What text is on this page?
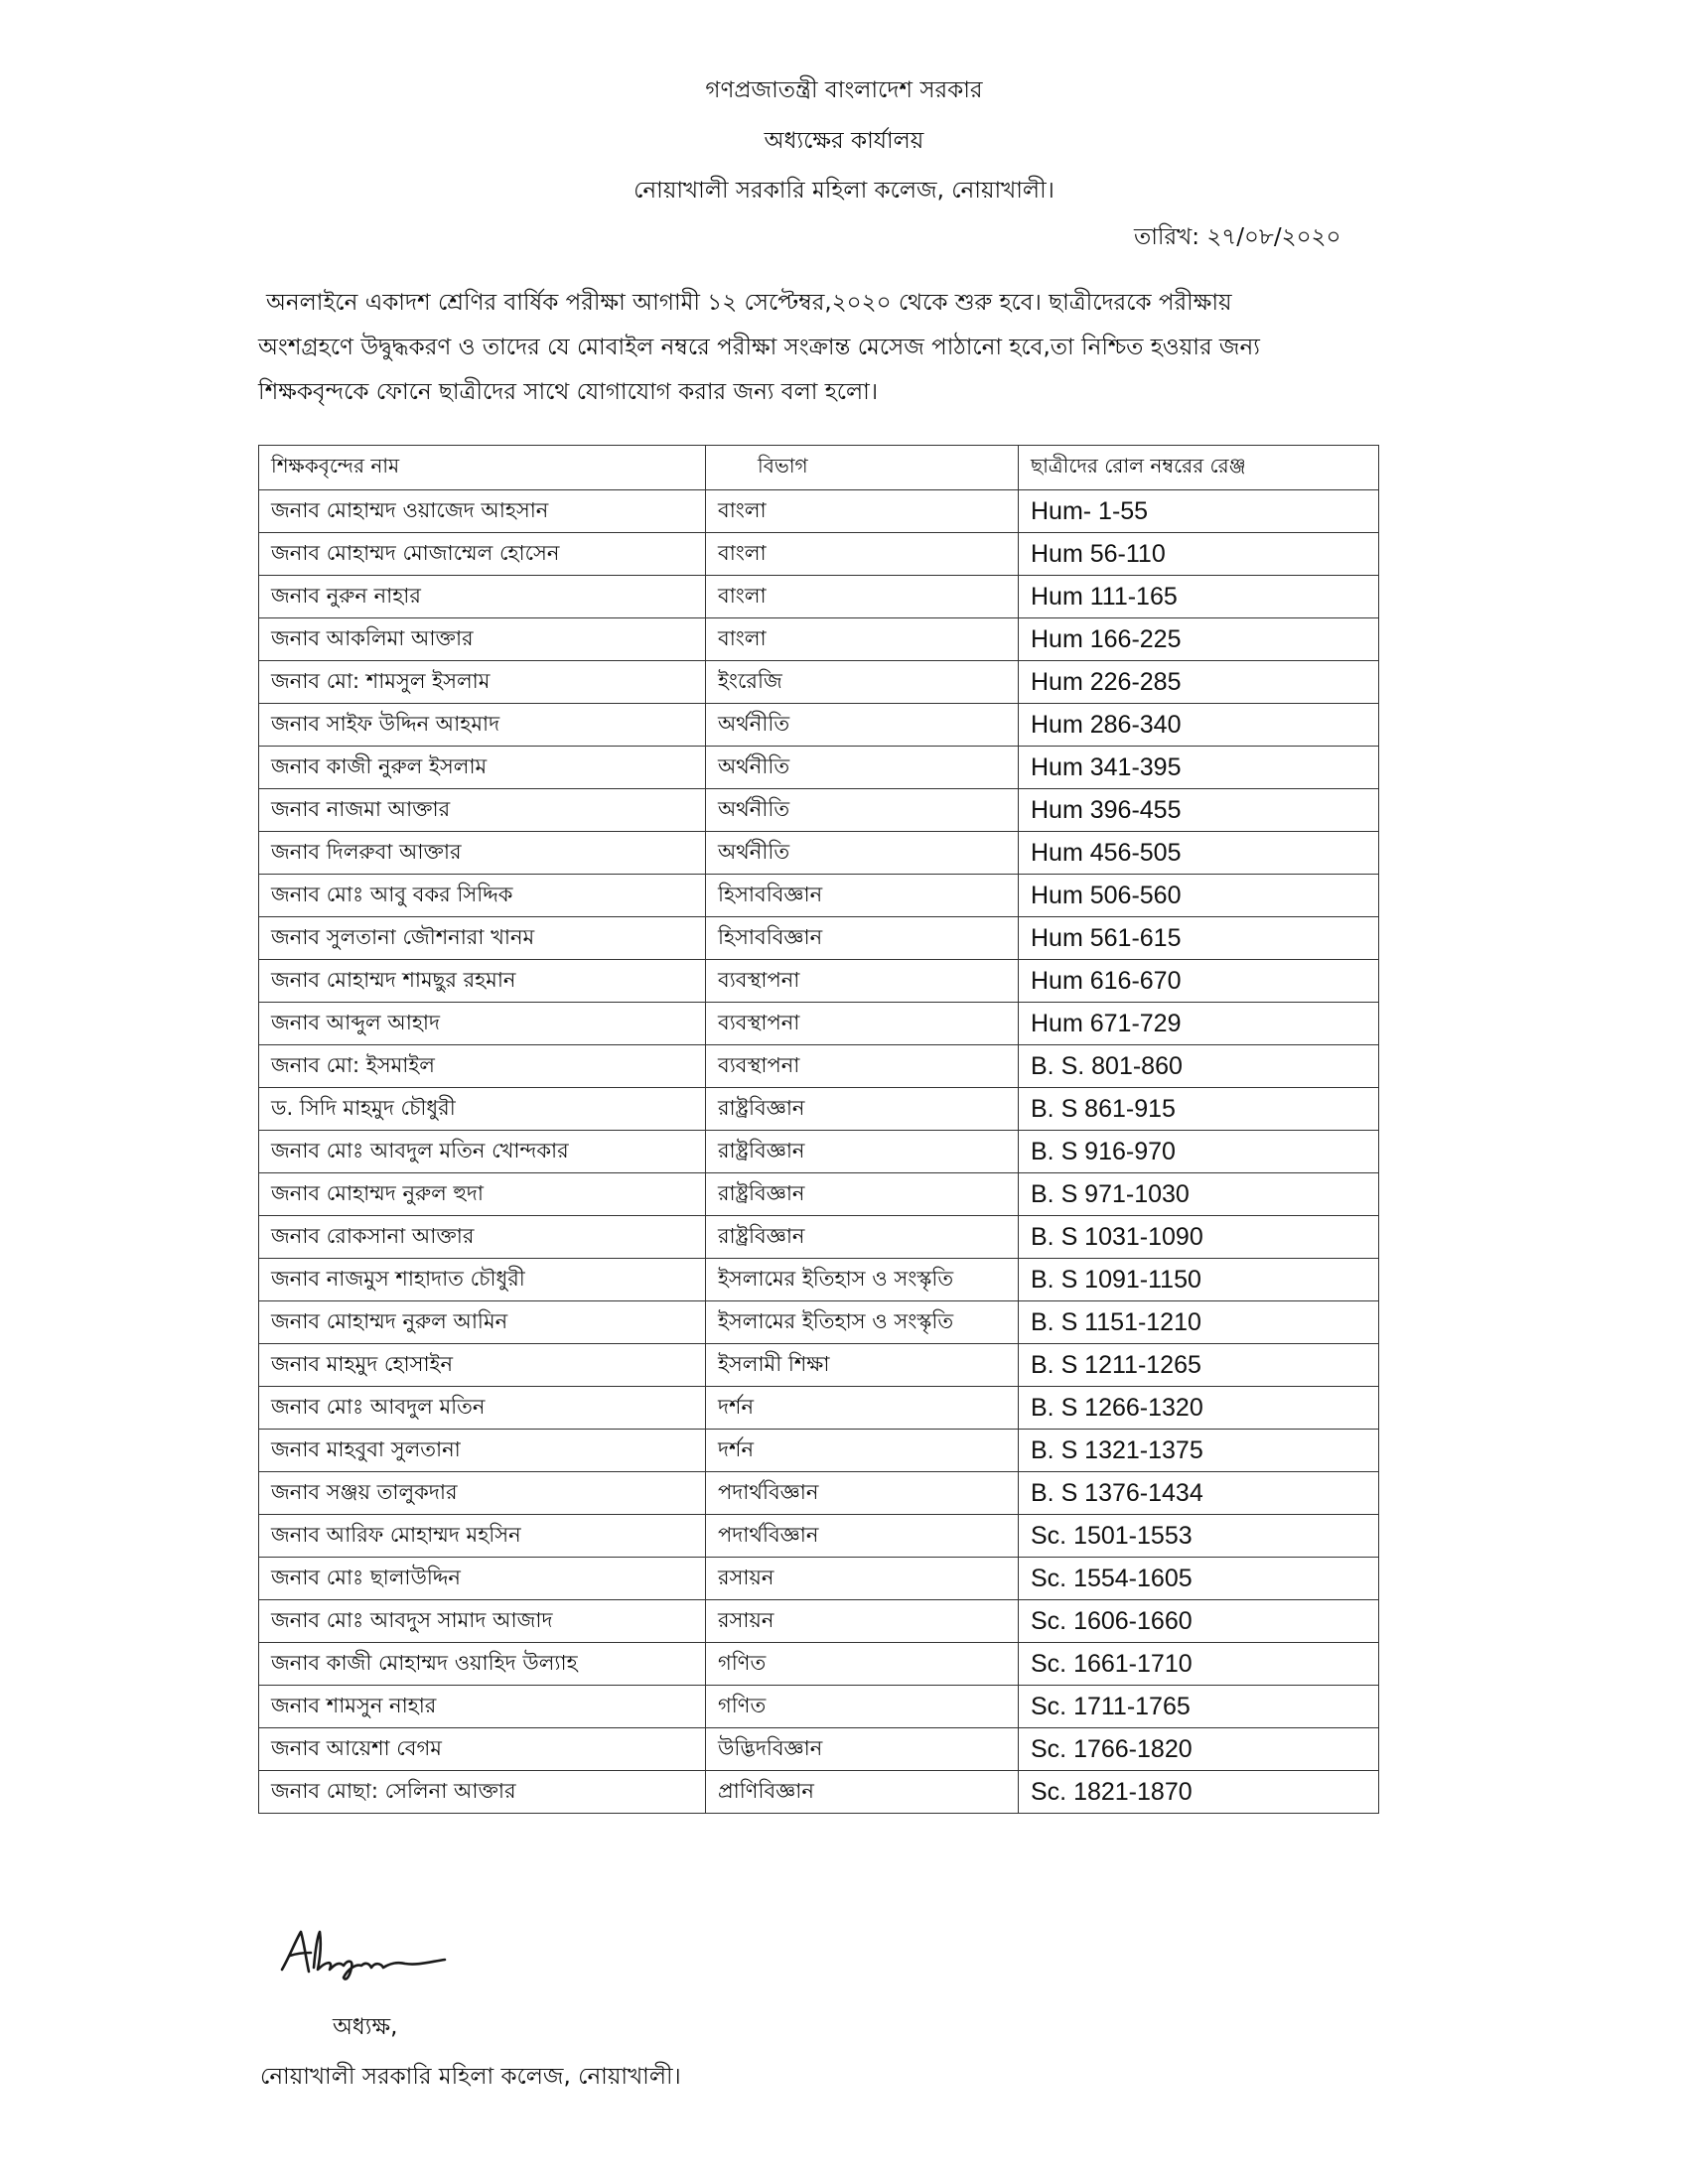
গণপ্রজাতন্ত্রী বাংলাদেশ সরকার
অধ্যক্ষের কার্যালয়
নোয়াখালী সরকারি মহিলা কলেজ, নোয়াখালী।
তারিখ: ২৭/০৮/২০২০
অনলাইনে একাদশ শ্রেণির বার্ষিক পরীক্ষা আগামী ১২ সেপ্টেম্বর,২০২০ থেকে শুরু হবে। ছাত্রীদেরকে পরীক্ষায়
অংশগ্রহণে উদ্বুদ্ধকরণ ও তাদের যে মোবাইল নম্বরে পরীক্ষা সংক্রান্ত মেসেজ পাঠানো হবে,তা নিশ্চিত হওয়ার জন্য
শিক্ষকবৃন্দকে ফোনে ছাত্রীদের সাথে যোগাযোগ করার জন্য বলা হলো।
শিক্ষকবৃন্দের নাম	বিভাগ	ছাত্রীদের রোল নম্বরের রেঞ্জ
জনাব মোহাম্মদ ওয়াজেদ আহসান	বাংলা	Hum- 1-55
জনাব মোহাম্মদ মোজাম্মেল হোসেন	বাংলা	Hum 56-110
জনাব নুরুন নাহার	বাংলা	Hum 111-165
জনাব আকলিমা আক্তার	বাংলা	Hum 166-225
জনাব মো: শামসুল ইসলাম	ইংরেজি	Hum 226-285
জনাব সাইফ উদ্দিন আহমাদ	অর্থনীতি	Hum 286-340
জনাব কাজী নুরুল ইসলাম	অর্থনীতি	Hum 341-395
জনাব নাজমা আক্তার	অর্থনীতি	Hum 396-455
জনাব দিলরুবা আক্তার	অর্থনীতি	Hum 456-505
জনাব মোঃ আবু বকর সিদ্দিক	হিসাববিজ্ঞান	Hum 506-560
জনাব সুলতানা জৌশনারা খানম	হিসাববিজ্ঞান	Hum 561-615
জনাব মোহাম্মদ শামছুর রহমান	ব্যবস্থাপনা	Hum 616-670
জনাব আব্দুল আহাদ	ব্যবস্থাপনা	Hum 671-729
জনাব মো: ইসমাইল	ব্যবস্থাপনা	B. S. 801-860
ড. সিদি মাহমুদ চৌধুরী	রাষ্ট্রবিজ্ঞান	B. S 861-915
জনাব মোঃ আবদুল মতিন খোন্দকার	রাষ্ট্রবিজ্ঞান	B. S 916-970
জনাব মোহাম্মদ নুরুল হুদা	রাষ্ট্রবিজ্ঞান	B. S 971-1030
জনাব রোকসানা আক্তার	রাষ্ট্রবিজ্ঞান	B. S 1031-1090
জনাব নাজমুস শাহাদাত চৌধুরী	ইসলামের ইতিহাস ও সংস্কৃতি	B. S 1091-1150
জনাব মোহাম্মদ নুরুল আমিন	ইসলামের ইতিহাস ও সংস্কৃতি	B. S 1151-1210
জনাব মাহমুদ হোসাইন	ইসলামী শিক্ষা	B. S 1211-1265
জনাব মোঃ আবদুল মতিন	দর্শন	B. S 1266-1320
জনাব মাহবুবা সুলতানা	দর্শন	B. S 1321-1375
জনাব সঞ্জয় তালুকদার	পদার্থবিজ্ঞান	B. S 1376-1434
জনাব আরিফ মোহাম্মদ মহসিন	পদার্থবিজ্ঞান	Sc. 1501-1553
জনাব মোঃ ছালাউদ্দিন	রসায়ন	Sc. 1554-1605
জনাব মোঃ আবদুস সামাদ আজাদ	রসায়ন	Sc. 1606-1660
জনাব কাজী মোহাম্মদ ওয়াহিদ উল্যাহ	গণিত	Sc. 1661-1710
জনাব শামসুন নাহার	গণিত	Sc. 1711-1765
জনাব আয়েশা বেগম	উদ্ভিদবিজ্ঞান	Sc. 1766-1820
জনাব মোছা: সেলিনা আক্তার	প্রাণিবিজ্ঞান	Sc. 1821-1870
অধ্যক্ষ,
নোয়াখালী সরকারি মহিলা কলেজ, নোয়াখালী।
